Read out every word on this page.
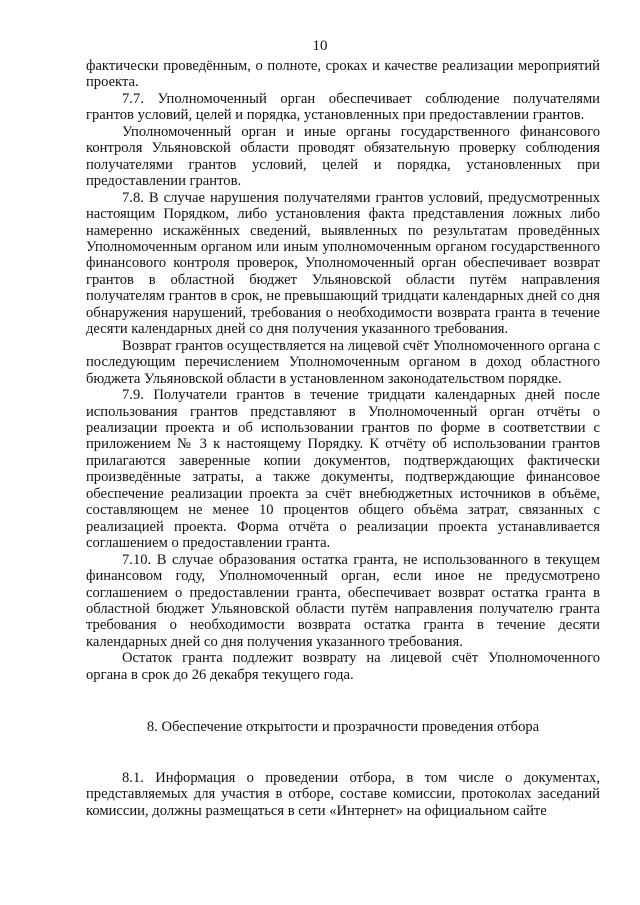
10

фактически проведённым, о полноте, сроках и качестве реализации мероприятий проекта.

7.7. Уполномоченный орган обеспечивает соблюдение получателями грантов условий, целей и порядка, установленных при предоставлении грантов.

Уполномоченный орган и иные органы государственного финансового контроля Ульяновской области проводят обязательную проверку соблюдения получателями грантов условий, целей и порядка, установленных при предоставлении грантов.

7.8. В случае нарушения получателями грантов условий, предусмотренных настоящим Порядком, либо установления факта представления ложных либо намеренно искажённых сведений, выявленных по результатам проведённых Уполномоченным органом или иным уполномоченным органом государственного финансового контроля проверок, Уполномоченный орган обеспечивает возврат грантов в областной бюджет Ульяновской области путём направления получателям грантов в срок, не превышающий тридцати календарных дней со дня обнаружения нарушений, требования о необходимости возврата гранта в течение десяти календарных дней со дня получения указанного требования.

Возврат грантов осуществляется на лицевой счёт Уполномоченного органа с последующим перечислением Уполномоченным органом в доход областного бюджета Ульяновской области в установленном законодательством порядке.

7.9. Получатели грантов в течение тридцати календарных дней после использования грантов представляют в Уполномоченный орган отчёты о реализации проекта и об использовании грантов по форме в соответствии с приложением № 3 к настоящему Порядку. К отчёту об использовании грантов прилагаются заверенные копии документов, подтверждающих фактически произведённые затраты, а также документы, подтверждающие финансовое обеспечение реализации проекта за счёт внебюджетных источников в объёме, составляющем не менее 10 процентов общего объёма затрат, связанных с реализацией проекта. Форма отчёта о реализации проекта устанавливается соглашением о предоставлении гранта.

7.10. В случае образования остатка гранта, не использованного в текущем финансовом году, Уполномоченный орган, если иное не предусмотрено соглашением о предоставлении гранта, обеспечивает возврат остатка гранта в областной бюджет Ульяновской области путём направления получателю гранта требования о необходимости возврата остатка гранта в течение десяти календарных дней со дня получения указанного требования.

Остаток гранта подлежит возврату на лицевой счёт Уполномоченного органа в срок до 26 декабря текущего года.

8. Обеспечение открытости и прозрачности проведения отбора

8.1. Информация о проведении отбора, в том числе о документах, представляемых для участия в отборе, составе комиссии, протоколах заседаний комиссии, должны размещаться в сети «Интернет» на официальном сайте
